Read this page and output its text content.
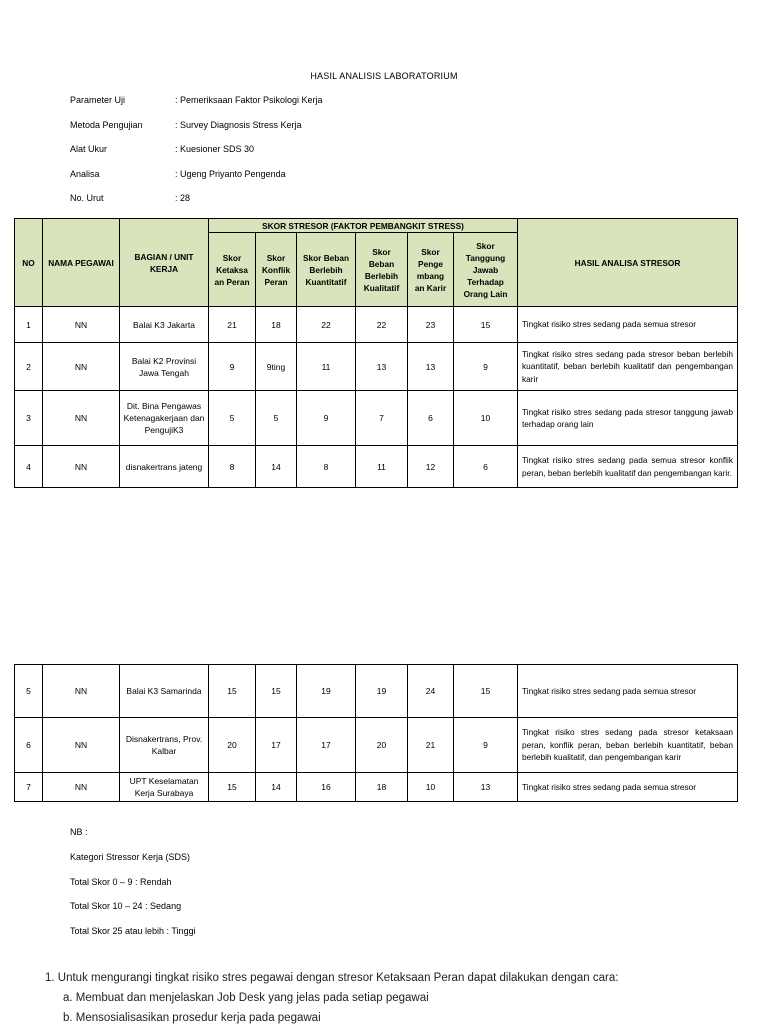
HASIL ANALISIS LABORATORIUM
Parameter Uji	: Pemeriksaan Faktor Psikologi Kerja
Metoda Pengujian	: Survey Diagnosis Stress Kerja
Alat Ukur	: Kuesioner SDS 30
Analisa	: Ugeng Priyanto Pengenda
No. Urut	: 28
NO	NAMA PEGAWAI	BAGIAN / UNIT KERJA	SKOR STRESOR (FAKTOR PEMBANGKIT STRESS)						HASIL ANALISA STRESOR
			Skor Ketaksa an Peran	Skor Konflik Peran	Skor Beban Berlebih Kuantitatif	Skor Beban Berlebih Kualitatif	Skor Penge mbang an Karir	Skor Tanggung Jawab Terhadap Orang Lain	
1	NN	Balai K3 Jakarta	21	18	22	22	23	15	Tingkat risiko stres sedang pada semua stresor
2	NN	Balai K2 Provinsi Jawa Tengah	9	9ting	11	13	13	9	Tingkat risiko stres sedang pada stresor beban berlebih kuantitatif, beban berlebih kualitatif dan pengembangan karir
3	NN	Dit. Bina Pengawas Ketenagakerjaan dan PengujiK3	5	5	9	7	6	10	Tingkat risiko stres sedang pada stresor tanggung jawab terhadap orang lain
4	NN	disnakertrans jateng	8	14	8	11	12	6	Tingkat risiko stres sedang pada semua stresor konflik peran, beban berlebih kualitatif dan pengembangan karir.
5	NN	Balai K3 Samarinda	15	15	19	19	24	15	Tingkat risiko stres sedang pada semua stresor
6	NN	Disnakertrans, Prov. Kalbar	20	17	17	20	21	9	Tingkat risiko stres sedang pada stresor ketaksaan peran, konflik peran, beban berlebih kuantitatif, beban berlebih kualitatif, dan pengembangan karir
7	NN	UPT Keselamatan Kerja Surabaya	15	14	16	18	10	13	Tingkat risiko stres sedang pada semua stresor
NB :
Kategori Stressor Kerja (SDS)
Total Skor 0 – 9 : Rendah
Total Skor 10 – 24 : Sedang
Total Skor 25 atau lebih : Tinggi
1. Untuk mengurangi tingkat risiko stres pegawai dengan stresor Ketaksaan Peran dapat dilakukan dengan cara:
a. Membuat dan menjelaskan Job Desk yang jelas pada setiap pegawai
b. Mensosialisasikan prosedur kerja pada pegawai
